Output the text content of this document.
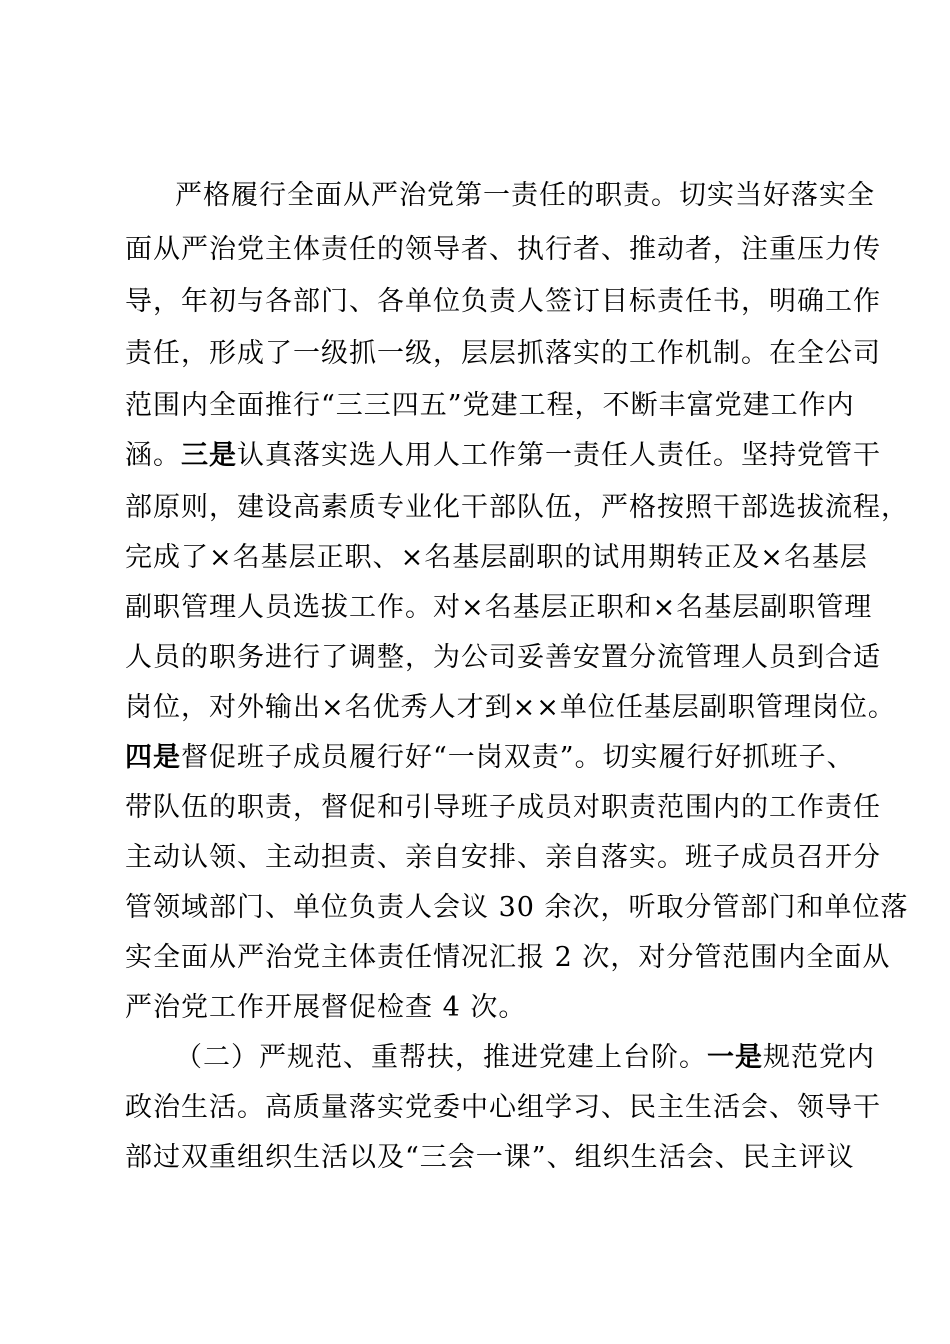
严格履行全面从严治党第一责任的职责。切实当好落实全
面从严治党主体责任的领导者、执行者、推动者，注重压力传
导，年初与各部门、各单位负责人签订目标责任书，明确工作
责任，形成了一级抓一级，层层抓落实的工作机制。在全公司
范围内全面推行“三三四五”党建工程，不断丰富党建工作内
涵。三是认真落实选人用人工作第一责任人责任。坚持党管干
部原则，建设高素质专业化干部队伍，严格按照干部选拔流程，
完成了×名基层正职、×名基层副职的试用期转正及×名基层
副职管理人员选拔工作。对×名基层正职和×名基层副职管理
人员的职务进行了调整，为公司妥善安置分流管理人员到合适
岗位，对外输出×名优秀人才到××单位任基层副职管理岗位。
四是督促班子成员履行好“一岗双责”。切实履行好抓班子、
带队伍的职责，督促和引导班子成员对职责范围内的工作责任
主动认领、主动担责、亲自安排、亲自落实。班子成员召开分
管领域部门、单位负责人会议 30 余次，听取分管部门和单位落
实全面从严治党主体责任情况汇报 2 次，对分管范围内全面从
严治党工作开展督促检查 4 次。
（二）严规范、重帮扶，推进党建上台阶。一是规范党内
政治生活。高质量落实党委中心组学习、民主生活会、领导干
部过双重组织生活以及“三会一课”、组织生活会、民主评议
